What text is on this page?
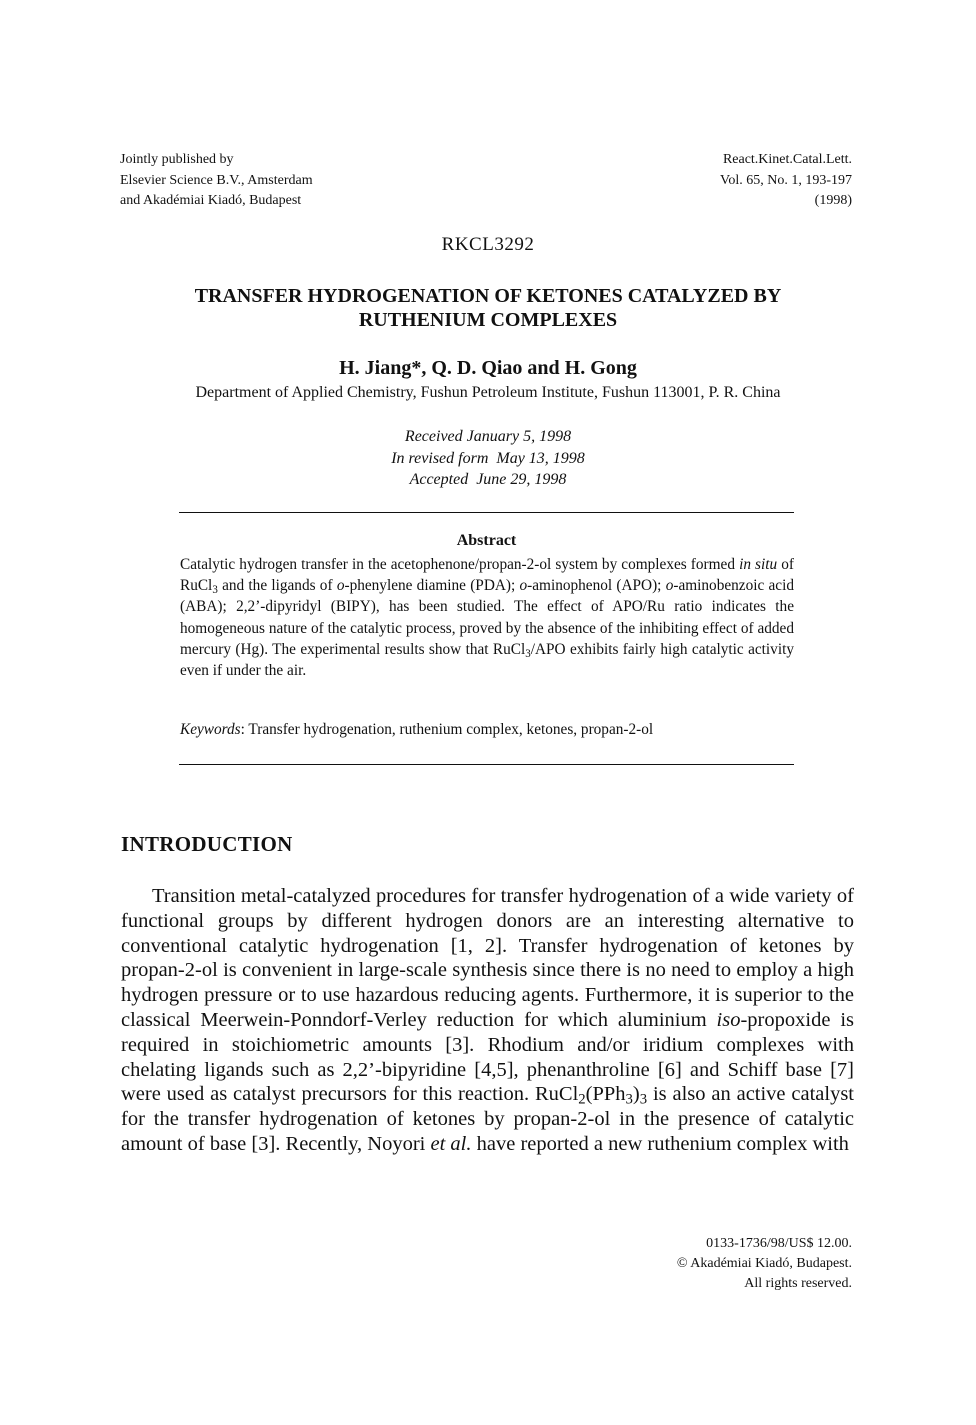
Jointly published by
Elsevier Science B.V., Amsterdam
and Akadémiai Kiadó, Budapest
React.Kinet.Catal.Lett.
Vol. 65, No. 1, 193-197
(1998)
RKCL3292
TRANSFER HYDROGENATION OF KETONES CATALYZED BY
RUTHENIUM COMPLEXES
H. Jiang*, Q. D. Qiao and H. Gong
Department of Applied Chemistry, Fushun Petroleum Institute, Fushun 113001, P. R. China
Received January 5, 1998
In revised form  May 13, 1998
Accepted  June 29, 1998
Abstract
Catalytic hydrogen transfer in the acetophenone/propan-2-ol system by complexes formed in situ of RuCl$_3$ and the ligands of o-phenylene diamine (PDA); o-aminophenol (APO); o-aminobenzoic acid (ABA); 2,2’-dipyridyl (BIPY), has been studied. The effect of APO/Ru ratio indicates the homogeneous nature of the catalytic process, proved by the absence of the inhibiting effect of added mercury (Hg). The experimental results show that RuCl$_3$/APO exhibits fairly high catalytic activity even if under the air.
Keywords: Transfer hydrogenation, ruthenium complex, ketones, propan-2-ol
INTRODUCTION
Transition metal-catalyzed procedures for transfer hydrogenation of a wide variety of functional groups by different hydrogen donors are an interesting alternative to conventional catalytic hydrogenation [1, 2]. Transfer hydrogenation of ketones by propan-2-ol is convenient in large-scale synthesis since there is no need to employ a high hydrogen pressure or to use hazardous reducing agents. Furthermore, it is superior to the classical Meerwein-Ponndorf-Verley reduction for which aluminium iso-propoxide is required in stoichiometric amounts [3]. Rhodium and/or iridium complexes with chelating ligands such as 2,2’-bipyridine [4,5], phenanthroline [6] and Schiff base [7] were used as catalyst precursors for this reaction. $RuCl_2(PPh_3)_3$ is also an active catalyst for the transfer hydrogenation of ketones by propan-2-ol in the presence of catalytic amount of base [3]. Recently, Noyori et al. have reported a new ruthenium complex with
0133-1736/98/US$ 12.00.
© Akadémiai Kiadó, Budapest.
All rights reserved.
